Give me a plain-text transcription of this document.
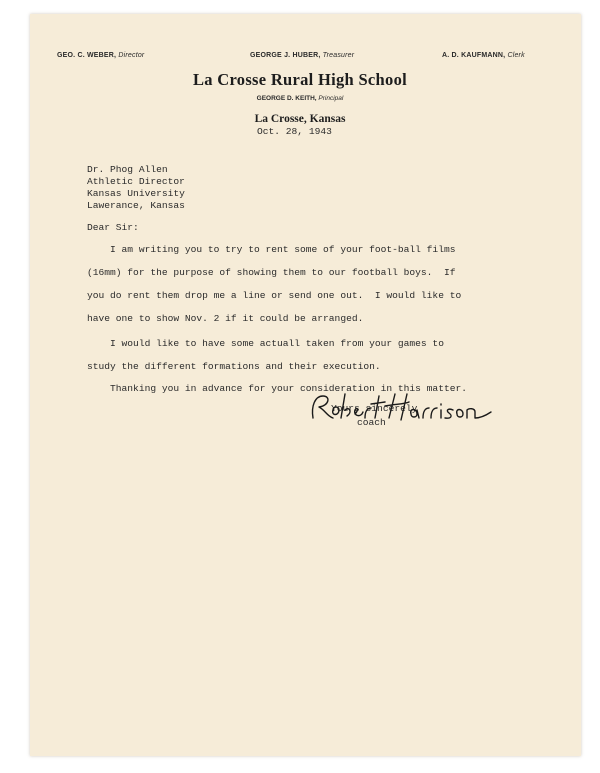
GEO. C. WEBER, Director	GEORGE J. HUBER, Treasurer	A. D. KAUFMANN, Clerk
La Crosse Rural High School
GEORGE D. KEITH, Principal
La Crosse, Kansas
Oct. 28, 1943
Dr. Phog Allen
Athletic Director
Kansas University
Lawerance, Kansas
Dear Sir:
I am writing you to try to rent some of your foot-ball films
(16mm) for the purpose of showing them to our football boys.  If
you do rent them drop me a line or send one out.  I would like to
have one to show Nov. 2 if it could be arranged.
I would like to have some actuall taken from your games to
study the different formations and their execution.
Thanking you in advance for your consideration in this matter.
Yours sincerely
coach
